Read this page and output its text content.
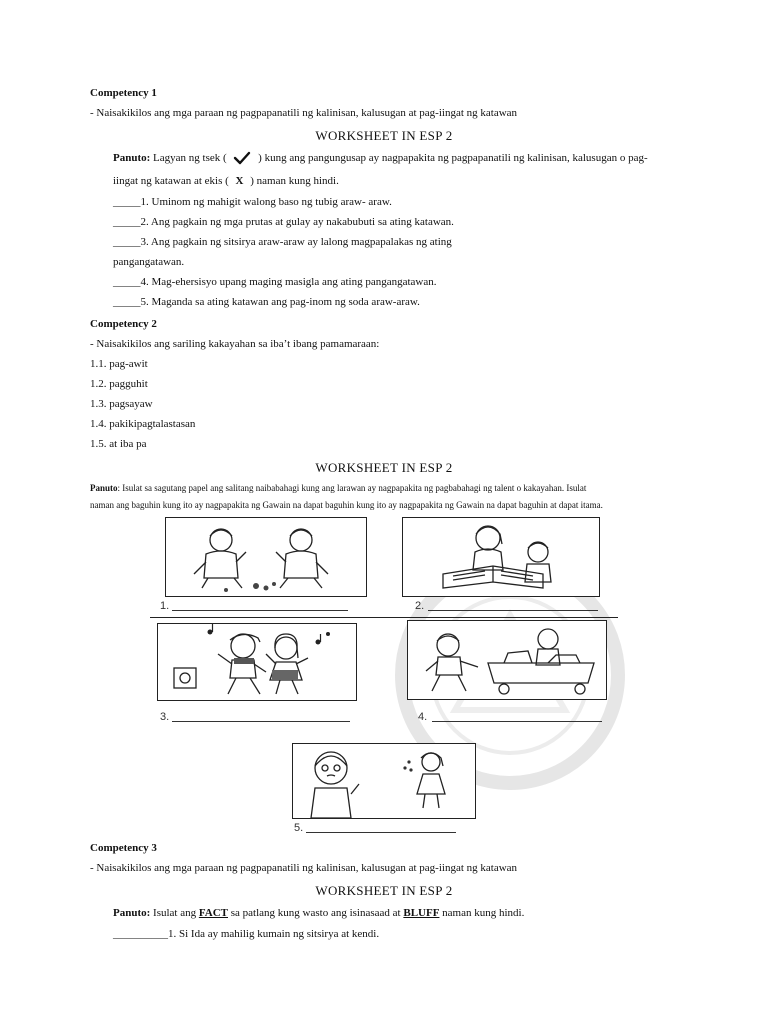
Competency 1
- Naisakikilos ang mga paraan ng pagpapanatili ng kalinisan, kalusugan at pag-iingat ng katawan
WORKSHEET IN ESP 2
Panuto: Lagyan ng tsek (	) kung ang pangungusap ay nagpapakita ng pagpapanatili ng kalinisan, kalusugan o pag-
iingat ng katawan at ekis ( X ) naman kung hindi.
_____1. Uminom ng mahigit walong baso ng tubig araw- araw.
_____2. Ang pagkain ng mga prutas at gulay ay nakabubuti sa ating katawan.
_____3. Ang pagkain ng sitsirya araw-araw ay lalong magpapalakas ng ating
pangangatawan.
_____4. Mag-ehersisyo upang maging masigla ang ating pangangatawan.
_____5. Maganda sa ating katawan ang pag-inom ng soda araw-araw.
Competency 2
- Naisakikilos ang sariling kakayahan sa iba’t ibang pamamaraan:
1.1. pag-awit
1.2. pagguhit
1.3. pagsayaw
1.4. pakikipagtalastasan
1.5. at iba pa
WORKSHEET IN ESP 2
Panuto: Isulat sa sagutang papel ang salitang naibabahagi kung ang larawan ay nagpapakita ng pagbabahagi ng talent o kakayahan. Isulat
naman ang baguhin kung ito ay nagpapakita ng Gawain na dapat baguhin kung ito ay nagpapakita ng Gawain na dapat baguhin at dapat itama.
1.	2.
3.	4.
5.
Competency 3
- Naisakikilos ang mga paraan ng pagpapanatili ng kalinisan, kalusugan at pag-iingat ng katawan
WORKSHEET IN ESP 2
Panuto: Isulat ang FACT sa patlang kung wasto ang isinasaad at BLUFF naman kung hindi.
__________1. Si Ida ay mahilig kumain ng sitsirya at kendi.
